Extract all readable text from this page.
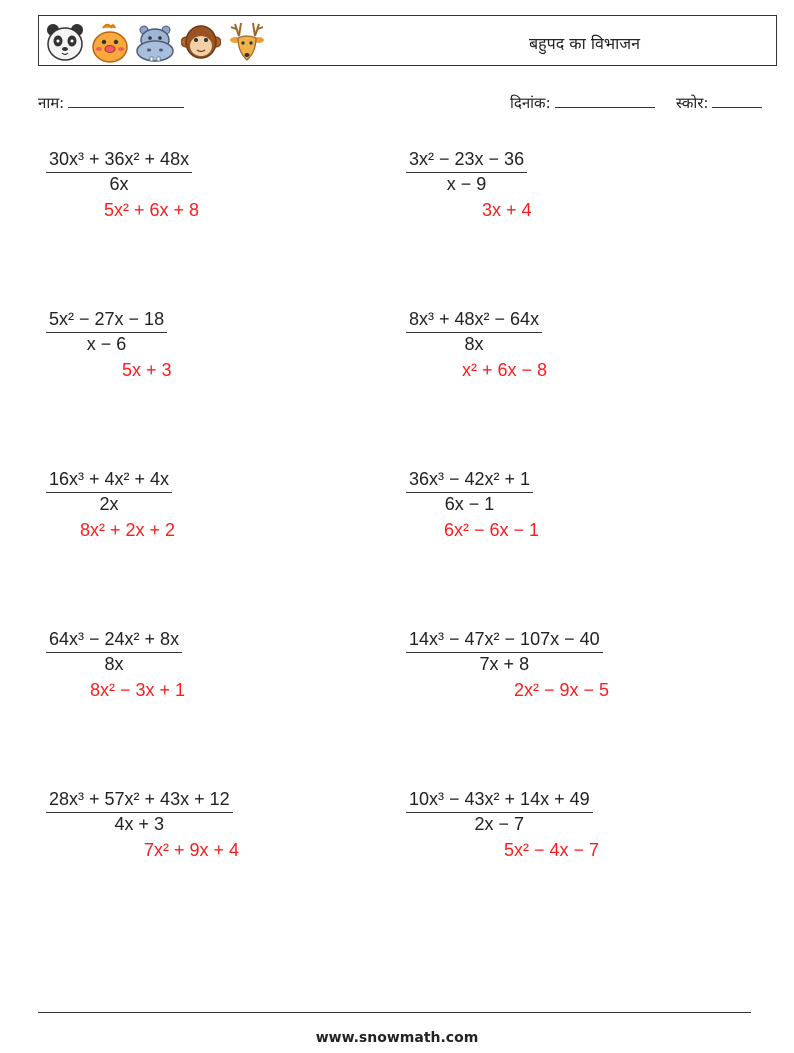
बहुपद का विभाजन
नाम:	दिनांक:	स्कोर:
$\frac{\text{30x³ + 36x² + 48x}}{6x}$
5x² + 6x + 8
$\frac{\text{3x² − 23x − 36}}{x - 9}$
3x + 4
$\frac{\text{5x² − 27x − 18}}{x - 6}$
5x + 3
$\frac{\text{8x³ + 48x² − 64x}}{8x}$
x² + 6x − 8
$\frac{\text{16x³ + 4x² + 4x}}{2x}$
8x² + 2x + 2
$\frac{\text{36x³ − 42x² + 1}}{6x - 1}$
6x² − 6x − 1
$\frac{\text{64x³ − 24x² + 8x}}{8x}$
8x² − 3x + 1
$\frac{\text{14x³ − 47x² − 107x − 40}}{7x + 8}$
2x² − 9x − 5
$\frac{\text{28x³ + 57x² + 43x + 12}}{4x + 3}$
7x² + 9x + 4
$\frac{\text{10x³ − 43x² + 14x + 49}}{2x - 7}$
5x² − 4x − 7
www.snowmath.com
